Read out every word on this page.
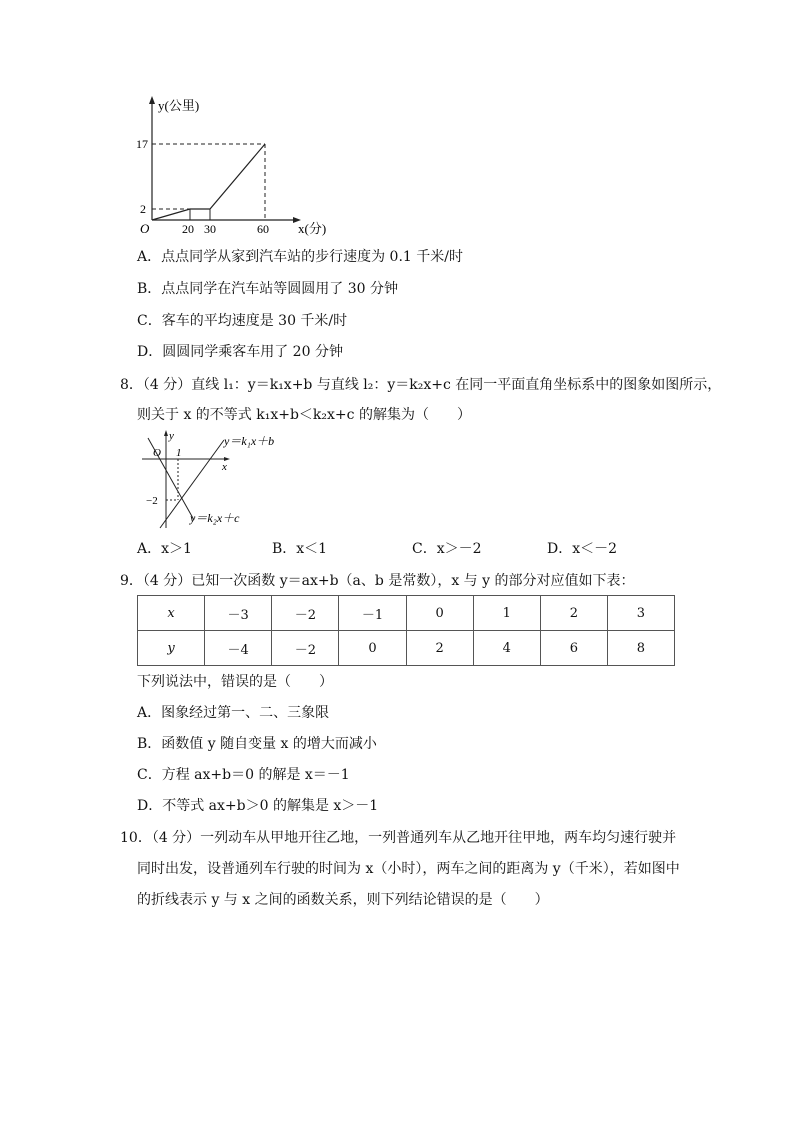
y(公里)
x(分)
O
17
2
20 30	60
A．点点同学从家到汽车站的步行速度为 0.1 千米/时
B．点点同学在汽车站等圆圆用了 30 分钟
C．客车的平均速度是 30 千米/时
D．圆圆同学乘客车用了 20 分钟
8．（4 分）直线 l₁：y＝k₁x+b 与直线 l₂：y＝k₂x+c 在同一平面直角坐标系中的图象如图所示，
则关于 x 的不等式 k₁x+b＜k₂x+c 的解集为（　　）
y
x
O 1
−2
y＝k₁x＋b
y＝k₂x＋c
A．x＞1	B．x＜1	C．x＞－2	D．x＜－2
9．（4 分）已知一次函数 y＝ax+b（a、b 是常数），x 与 y 的部分对应值如下表：
x	－3	－2	－1	0	1	2	3
y	－4	－2	0	2	4	6	8
下列说法中，错误的是（　　）
A．图象经过第一、二、三象限
B．函数值 y 随自变量 x 的增大而减小
C．方程 ax+b＝0 的解是 x＝－1
D．不等式 ax+b＞0 的解集是 x＞－1
10．（4 分）一列动车从甲地开往乙地，一列普通列车从乙地开往甲地，两车均匀速行驶并
同时出发，设普通列车行驶的时间为 x（小时），两车之间的距离为 y（千米），若如图中
的折线表示 y 与 x 之间的函数关系，则下列结论错误的是（　　）
